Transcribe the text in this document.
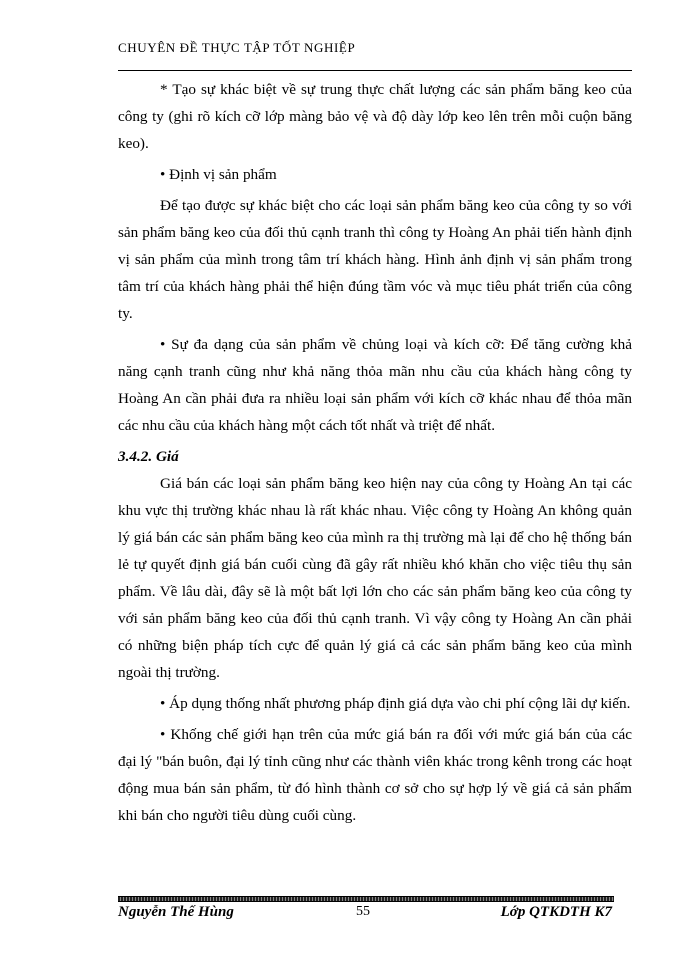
CHUYÊN ĐỀ THỰC TẬP TỐT NGHIỆP

* Tạo sự khác biệt về sự trung thực chất lượng các sản phẩm băng keo của công ty (ghi rõ kích cỡ lớp màng bảo vệ và độ dày lớp keo lên trên mỗi cuộn băng keo).

• Định vị sản phẩm

Để tạo được sự khác biệt cho các loại sản phẩm băng keo của công ty so với sản phẩm băng keo của đối thủ cạnh tranh thì công ty Hoàng An phải tiến hành định vị sản phẩm của mình trong tâm trí khách hàng. Hình ảnh định vị sản phẩm trong tâm trí của khách hàng phải thể hiện đúng tầm vóc và mục tiêu phát triển của công ty.

• Sự đa dạng của sản phẩm về chủng loại và kích cỡ: Để tăng cường khả năng cạnh tranh cũng như khả năng thỏa mãn nhu cầu của khách hàng công ty Hoàng An cần phải đưa ra nhiều loại sản phẩm với kích cỡ khác nhau để thỏa mãn các nhu cầu của khách hàng một cách tốt nhất và triệt để nhất.

3.4.2. Giá

Giá bán các loại sản phẩm băng keo hiện nay của công ty Hoàng An tại các khu vực thị trường khác nhau là rất khác nhau. Việc công ty Hoàng An không quản lý giá bán các sản phẩm băng keo của mình ra thị trường mà lại để cho hệ thống bán lẻ tự quyết định giá bán cuối cùng đã gây rất nhiều khó khăn cho việc tiêu thụ sản phẩm. Về lâu dài, đây sẽ là một bất lợi lớn cho các sản phẩm băng keo của công ty với sản phẩm băng keo của đối thủ cạnh tranh. Vì vậy công ty Hoàng An cần phải có những biện pháp tích cực để quản lý giá cả các sản phẩm băng keo của mình ngoài thị trường.

• Áp dụng thống nhất phương pháp định giá dựa vào chi phí cộng lãi dự kiến.

• Khống chế giới hạn trên của mức giá bán ra đối với mức giá bán của các đại lý "bán buôn, đại lý tỉnh cũng như các thành viên khác trong kênh trong các hoạt động mua bán sản phẩm, từ đó hình thành cơ sở cho sự hợp lý về giá cả sản phẩm khi bán cho người tiêu dùng cuối cùng.

Nguyễn Thế Hùng	55	Lớp QTKDTH K7
